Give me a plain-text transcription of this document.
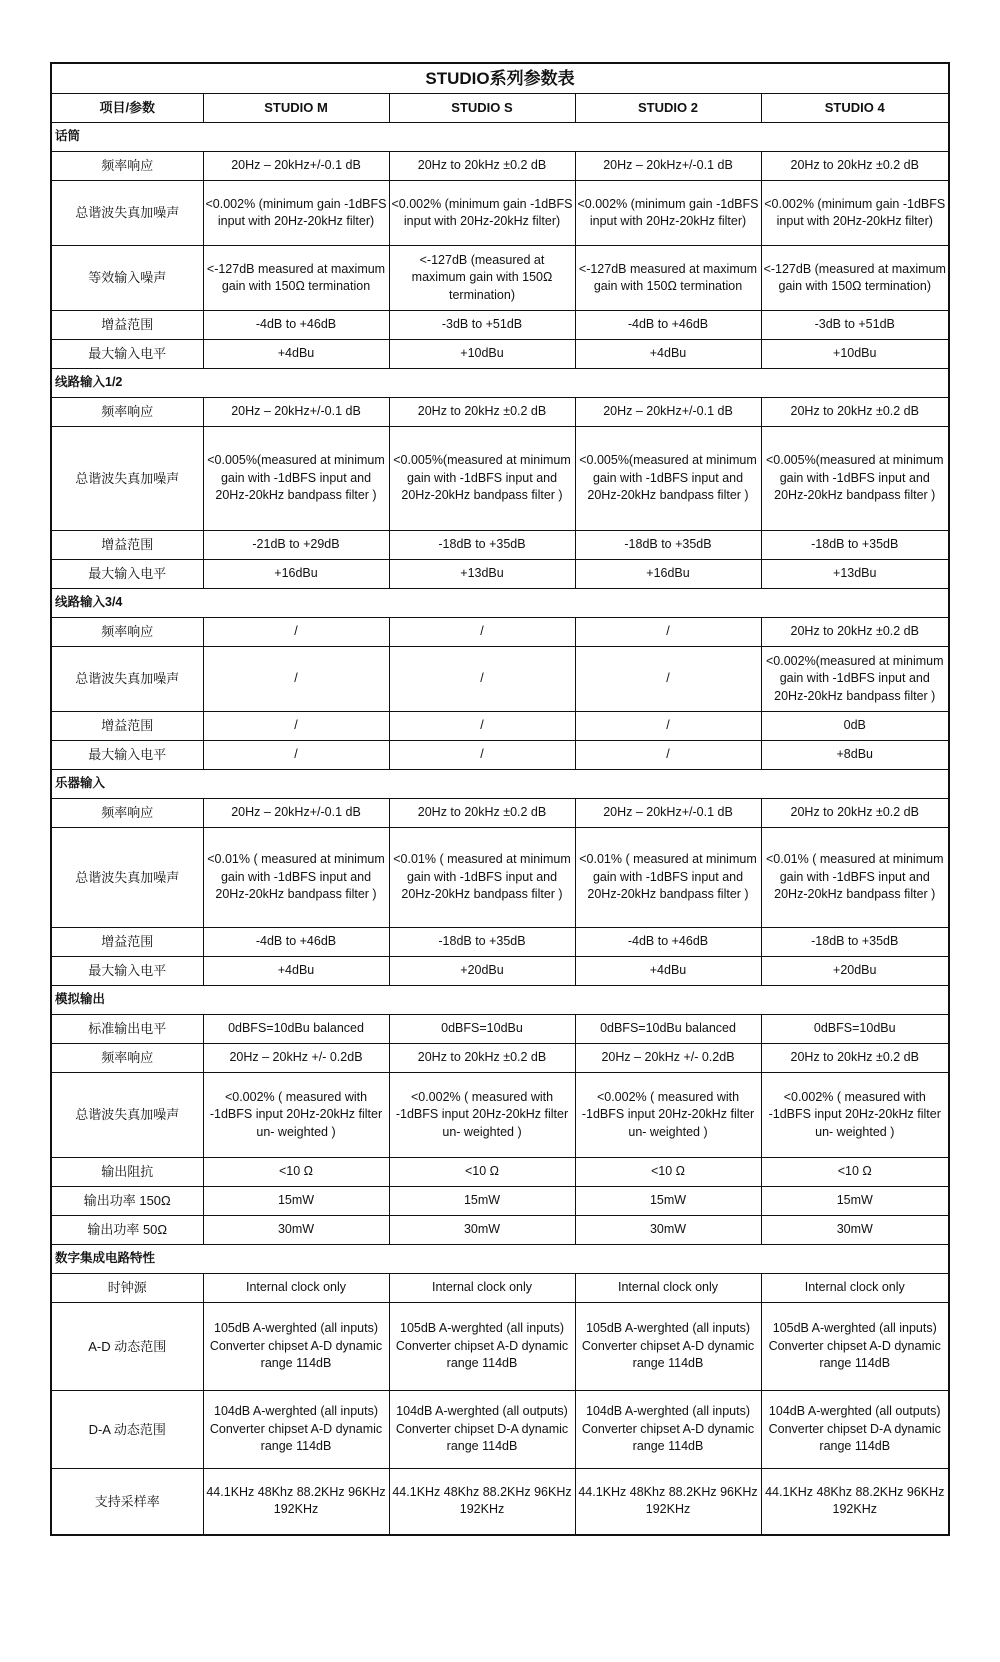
STUDIO系列参数表				
项目/参数	STUDIO M	STUDIO S	STUDIO 2	STUDIO 4
话筒				
频率响应	20Hz – 20kHz+/-0.1 dB	20Hz to 20kHz ±0.2 dB	20Hz – 20kHz+/-0.1 dB	20Hz to 20kHz ±0.2 dB
总谐波失真加噪声	<0.002% (minimum gain -1dBFS input with 20Hz-20kHz filter)	<0.002% (minimum gain -1dBFS input with 20Hz-20kHz filter)	<0.002% (minimum gain -1dBFS input with 20Hz-20kHz filter)	<0.002% (minimum gain -1dBFS input with 20Hz-20kHz filter)
等效输入噪声	<-127dB measured at maximum gain with 150Ω termination	<-127dB (measured at maximum gain with 150Ω termination)	<-127dB measured at maximum gain with 150Ω termination	<-127dB (measured at maximum gain with 150Ω termination)
增益范围	-4dB to +46dB	-3dB to +51dB	-4dB to +46dB	-3dB to +51dB
最大输入电平	+4dBu	+10dBu	+4dBu	+10dBu
线路输入1/2				
频率响应	20Hz – 20kHz+/-0.1 dB	20Hz to 20kHz ±0.2 dB	20Hz – 20kHz+/-0.1 dB	20Hz to 20kHz ±0.2 dB
总谐波失真加噪声	<0.005%(measured at minimum gain with -1dBFS input and 20Hz-20kHz bandpass filter )	<0.005%(measured at minimum gain with -1dBFS input and 20Hz-20kHz bandpass filter )	<0.005%(measured at minimum gain with -1dBFS input and 20Hz-20kHz bandpass filter )	<0.005%(measured at minimum gain with -1dBFS input and 20Hz-20kHz bandpass filter )
增益范围	-21dB to +29dB	-18dB to +35dB	-18dB to +35dB	-18dB to +35dB
最大输入电平	+16dBu	+13dBu	+16dBu	+13dBu
线路输入3/4				
频率响应	/	/	/	20Hz to 20kHz ±0.2 dB
总谐波失真加噪声	/	/	/	<0.002%(measured at minimum gain with -1dBFS input and 20Hz-20kHz bandpass filter )
增益范围	/	/	/	0dB
最大输入电平	/	/	/	+8dBu
乐器输入				
频率响应	20Hz – 20kHz+/-0.1 dB	20Hz to 20kHz ±0.2 dB	20Hz – 20kHz+/-0.1 dB	20Hz to 20kHz ±0.2 dB
总谐波失真加噪声	<0.01% ( measured at minimum gain with -1dBFS input and 20Hz-20kHz bandpass filter )	<0.01% ( measured at minimum gain with -1dBFS input and 20Hz-20kHz bandpass filter )	<0.01% ( measured at minimum gain with -1dBFS input and 20Hz-20kHz bandpass filter )	<0.01% ( measured at minimum gain with -1dBFS input and 20Hz-20kHz bandpass filter )
增益范围	-4dB to +46dB	-18dB to +35dB	-4dB to +46dB	-18dB to +35dB
最大输入电平	+4dBu	+20dBu	+4dBu	+20dBu
模拟输出				
标准输出电平	0dBFS=10dBu balanced	0dBFS=10dBu	0dBFS=10dBu balanced	0dBFS=10dBu
频率响应	20Hz – 20kHz +/- 0.2dB	20Hz to 20kHz ±0.2 dB	20Hz – 20kHz +/- 0.2dB	20Hz to 20kHz ±0.2 dB
总谐波失真加噪声	<0.002% ( measured with -1dBFS input 20Hz-20kHz filter un- weighted )	<0.002% ( measured with -1dBFS input 20Hz-20kHz filter un- weighted )	<0.002% ( measured with -1dBFS input 20Hz-20kHz filter un- weighted )	<0.002% ( measured with -1dBFS input 20Hz-20kHz filter un- weighted )
输出阻抗	<10 Ω	<10 Ω	<10 Ω	<10 Ω
输出功率 150Ω	15mW	15mW	15mW	15mW
输出功率 50Ω	30mW	30mW	30mW	30mW
数字集成电路特性				
时钟源	Internal clock only	Internal clock only	Internal clock only	Internal clock only
A-D 动态范围	105dB A-werghted (all inputs) Converter chipset A-D dynamic range 114dB	105dB A-werghted (all inputs) Converter chipset A-D dynamic range 114dB	105dB A-werghted (all inputs) Converter chipset A-D dynamic range 114dB	105dB A-werghted (all inputs) Converter chipset A-D dynamic range 114dB
D-A 动态范围	104dB A-werghted (all inputs) Converter chipset A-D dynamic range 114dB	104dB A-werghted (all outputs) Converter chipset D-A dynamic range 114dB	104dB A-werghted (all inputs) Converter chipset A-D dynamic range 114dB	104dB A-werghted (all outputs) Converter chipset D-A dynamic range 114dB
支持采样率	44.1KHz 48Khz 88.2KHz 96KHz 192KHz	44.1KHz 48Khz 88.2KHz 96KHz 192KHz	44.1KHz 48Khz 88.2KHz 96KHz 192KHz	44.1KHz 48Khz 88.2KHz 96KHz 192KHz
